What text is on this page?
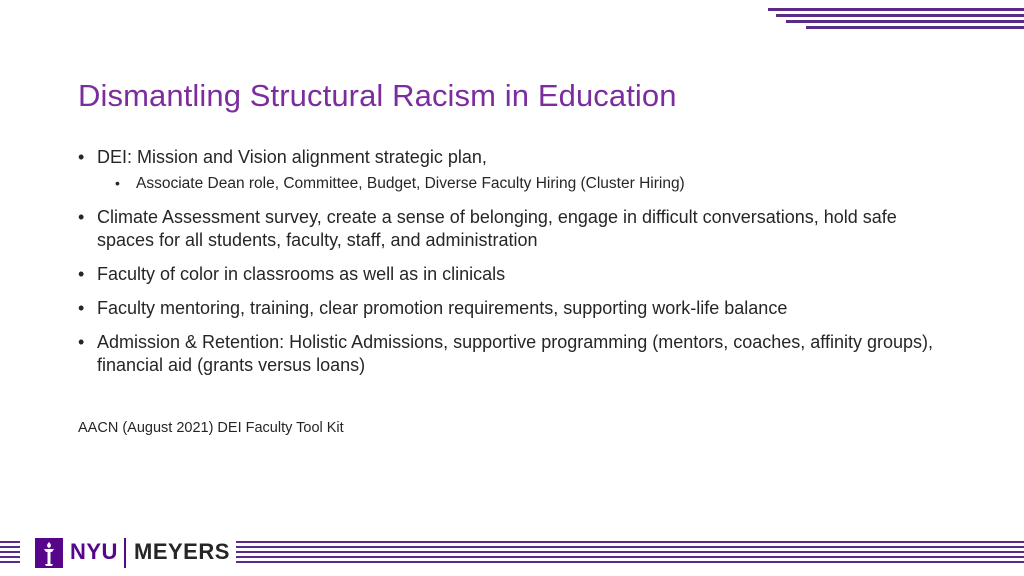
Dismantling Structural Racism in Education
• DEI: Mission and Vision alignment strategic plan,
• Associate Dean role, Committee, Budget, Diverse Faculty Hiring (Cluster Hiring)
• Climate Assessment survey, create a sense of belonging, engage in difficult conversations, hold safe spaces for all students, faculty, staff, and administration
• Faculty of color in classrooms as well as in clinicals
• Faculty mentoring, training, clear promotion requirements, supporting work-life balance
• Admission & Retention: Holistic Admissions, supportive programming (mentors, coaches, affinity groups), financial aid (grants versus loans)
AACN (August 2021) DEI Faculty Tool Kit
NYU MEYERS
